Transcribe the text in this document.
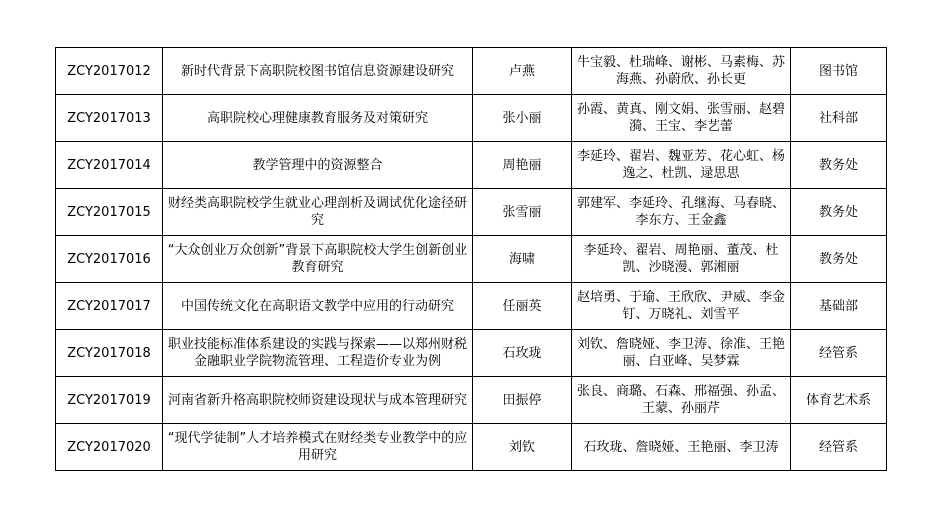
ZCY2017012	新时代背景下高职院校图书馆信息资源建设研究	卢燕	牛宝毅、杜瑞峰、谢彬、马素梅、苏海燕、孙蔚欣、孙长更	图书馆

ZCY2017013	高职院校心理健康教育服务及对策研究	张小丽	孙霞、黄真、刚文娟、张雪丽、赵碧漪、王宝、李艺蕾	社科部

ZCY2017014	教学管理中的资源整合	周艳丽	李延玲、翟岩、魏亚芳、花心虹、杨逸之、杜凯、逯思思	教务处

ZCY2017015	财经类高职院校学生就业心理剖析及调试优化途径研究	张雪丽	郭建军、李延玲、孔继海、马春晓、李东方、王金鑫	教务处

ZCY2017016	“大众创业万众创新”背景下高职院校大学生创新创业教育研究	海啸	李延玲、翟岩、周艳丽、董茂、杜凯、沙晓漫、郭湘丽	教务处

ZCY2017017	中国传统文化在高职语文教学中应用的行动研究	任丽英	赵培勇、于瑜、王欣欣、尹威、李金钉、万晓礼、刘雪平	基础部

ZCY2017018	职业技能标准体系建设的实践与探索——以郑州财税金融职业学院物流管理、工程造价专业为例	石玫珑	刘钦、詹晓娅、李卫涛、徐准、王艳丽、白亚峰、吴梦霖	经管系

ZCY2017019	河南省新升格高职院校师资建设现状与成本管理研究	田振停	张良、商璐、石森、邢福强、孙孟、王蒙、孙丽芹	体育艺术系

ZCY2017020	“现代学徒制”人才培养模式在财经类专业教学中的应用研究	刘钦	石玫珑、詹晓娅、王艳丽、李卫涛	经管系
